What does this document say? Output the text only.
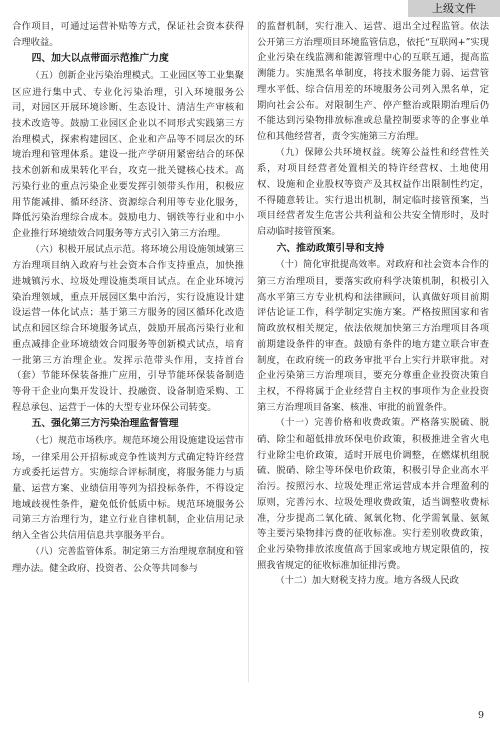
上级文件

合作项目，可通过运营补贴等方式，保证社会资本获得合理收益。

四、加大以点带面示范推广力度

（五）创新企业污染治理模式。工业园区等工业集聚区应进行集中式、专业化污染治理，引入环境服务公司，对园区开展环境诊断、生态设计、清洁生产审核和技术改造等。鼓励工业园区企业以不同形式实践第三方治理模式，探索构建园区、企业和产品等不同层次的环境治理和管理体系。建设一批产学研用紧密结合的环保技术创新和成果转化平台，攻克一批关键核心技术。高污染行业的重点污染企业要发挥引领带头作用，积极应用节能减排、循环经济、资源综合利用等专业化服务，降低污染治理综合成本。鼓励电力、钢铁等行业和中小企业推行环境绩效合同服务等方式引入第三方治理。

（六）积极开展试点示范。将环境公用设施领域第三方治理项目纳入政府与社会资本合作支持重点，加快推进城镇污水、垃圾处理设施类项目试点。在企业环境污染治理领域，重点开展园区集中治污，实行设施设计建设运营一体化试点；基于第三方服务的园区循环化改造试点和园区综合环境服务试点，鼓励开展高污染行业和重点减排企业环境绩效合同服务等创新模式试点，培育一批第三方治理企业。发挥示范带头作用，支持首台（套）节能环保装备推广应用，引导节能环保装备制造等骨干企业向集开发设计、投融资、设备制造采购、工程总承包、运营于一体的大型专业环保公司转变。

五、强化第三方污染治理监督管理

（七）规范市场秩序。规范环境公用设施建设运营市场，一律采用公开招标或竞争性谈判方式确定特许经营方或委托运营方。实施综合评标制度，将服务能力与质量、运营方案、业绩信用等列为招投标条件，不得设定地域歧视性条件，避免低价低质中标。规范环境服务公司第三方治理行为，建立行业自律机制，企业信用记录纳入全省公共信用信息共享服务平台。

（八）完善监管体系。制定第三方治理规章制度和管理办法。健全政府、投资者、公众等共同参与

的监督机制，实行准入、运营、退出全过程监管。依法公开第三方治理项目环境监管信息，依托“互联网+”实现企业污染在线监测和能源管理中心的互联互通，提高监测能力。实施黑名单制度，将技术服务能力弱、运营管理水平低、综合信用差的环境服务公司列入黑名单，定期向社会公布。对限制生产、停产整治或限期治理后仍不能达到污染物排放标准或总量控制要求等的企事业单位和其他经营者，责令实施第三方治理。

（九）保障公共环境权益。统筹公益性和经营性关系，对项目经营者处置相关的特许经营权、土地使用权、设施和企业股权等资产及其权益作出限制性约定，不得随意转让。实行退出机制，制定临时接管预案，当项目经营者发生危害公共利益和公共安全情形时，及时启动临时接管预案。

六、推动政策引导和支持

（十）简化审批提高效率。对政府和社会资本合作的第三方治理项目，要落实政府科学决策机制，积极引入高水平第三方专业机构和法律顾问，认真做好项目前期评估论证工作，科学制定实施方案。严格按照国家和省简政放权相关规定，依法依规加快第三方治理项目各项前期建设条件的审查。鼓励有条件的地方建立联合审查制度，在政府统一的政务审批平台上实行并联审批。对企业污染第三方治理项目，要充分尊重企业投资决策自主权，不得将属于企业经营自主权的事项作为企业投资第三方治理项目备案、核准、审批的前置条件。

（十一）完善价格和收费政策。严格落实脱硫、脱硝、除尘和超低排放环保电价政策，积极推进全省火电行业除尘电价政策，适时开展电价调整，在燃煤机组脱硫、脱硝、除尘等环保电价政策，积极引导企业高水平治污。按照污水、垃圾处理正常运营成本并合理盈利的原则，完善污水、垃圾处理收费政策，适当调整收费标准，分步提高二氧化硫、氮氧化物、化学需氧量、氨氮等主要污染物排污费的征收标准。实行差别收费政策，企业污染物排放浓度值高于国家或地方规定限值的，按照我省规定的征收标准加征排污费。

（十二）加大财税支持力度。地方各级人民政

9
